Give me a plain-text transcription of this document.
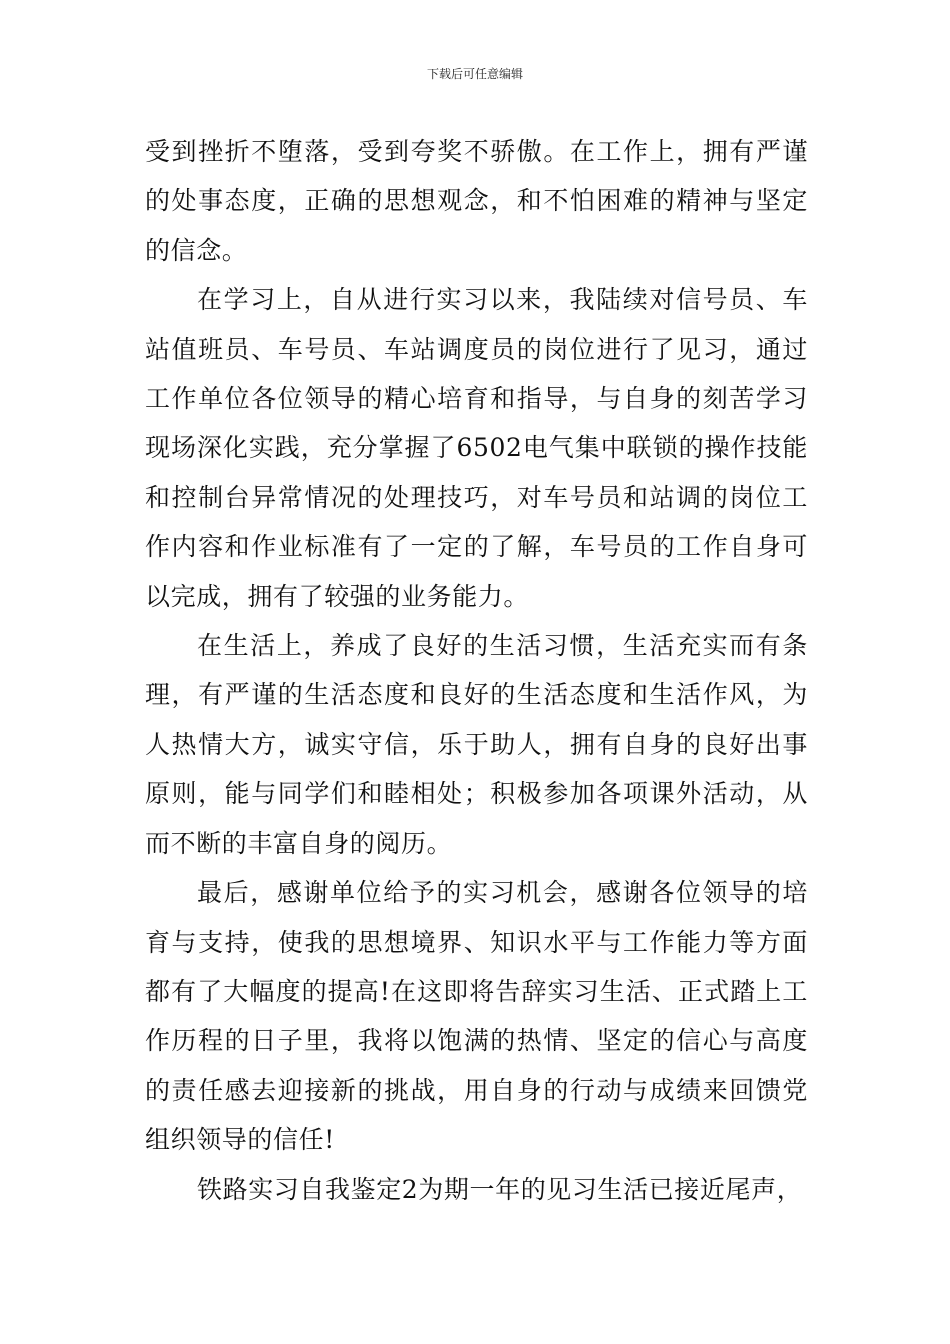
下载后可任意编辑

受到挫折不堕落，受到夸奖不骄傲。在工作上，拥有严谨的处事态度，正确的思想观念，和不怕困难的精神与坚定的信念。

在学习上，自从进行实习以来，我陆续对信号员、车站值班员、车号员、车站调度员的岗位进行了见习，通过工作单位各位领导的精心培育和指导，与自身的刻苦学习现场深化实践，充分掌握了6502电气集中联锁的操作技能和控制台异常情况的处理技巧，对车号员和站调的岗位工作内容和作业标准有了一定的了解，车号员的工作自身可以完成，拥有了较强的业务能力。

在生活上，养成了良好的生活习惯，生活充实而有条理，有严谨的生活态度和良好的生活态度和生活作风，为人热情大方，诚实守信，乐于助人，拥有自身的良好出事原则，能与同学们和睦相处；积极参加各项课外活动，从而不断的丰富自身的阅历。

最后，感谢单位给予的实习机会，感谢各位领导的培育与支持，使我的思想境界、知识水平与工作能力等方面都有了大幅度的提高!在这即将告辞实习生活、正式踏上工作历程的日子里，我将以饱满的热情、坚定的信心与高度的责任感去迎接新的挑战，用自身的行动与成绩来回馈党组织领导的信任!

铁路实习自我鉴定2为期一年的见习生活已接近尾声，
